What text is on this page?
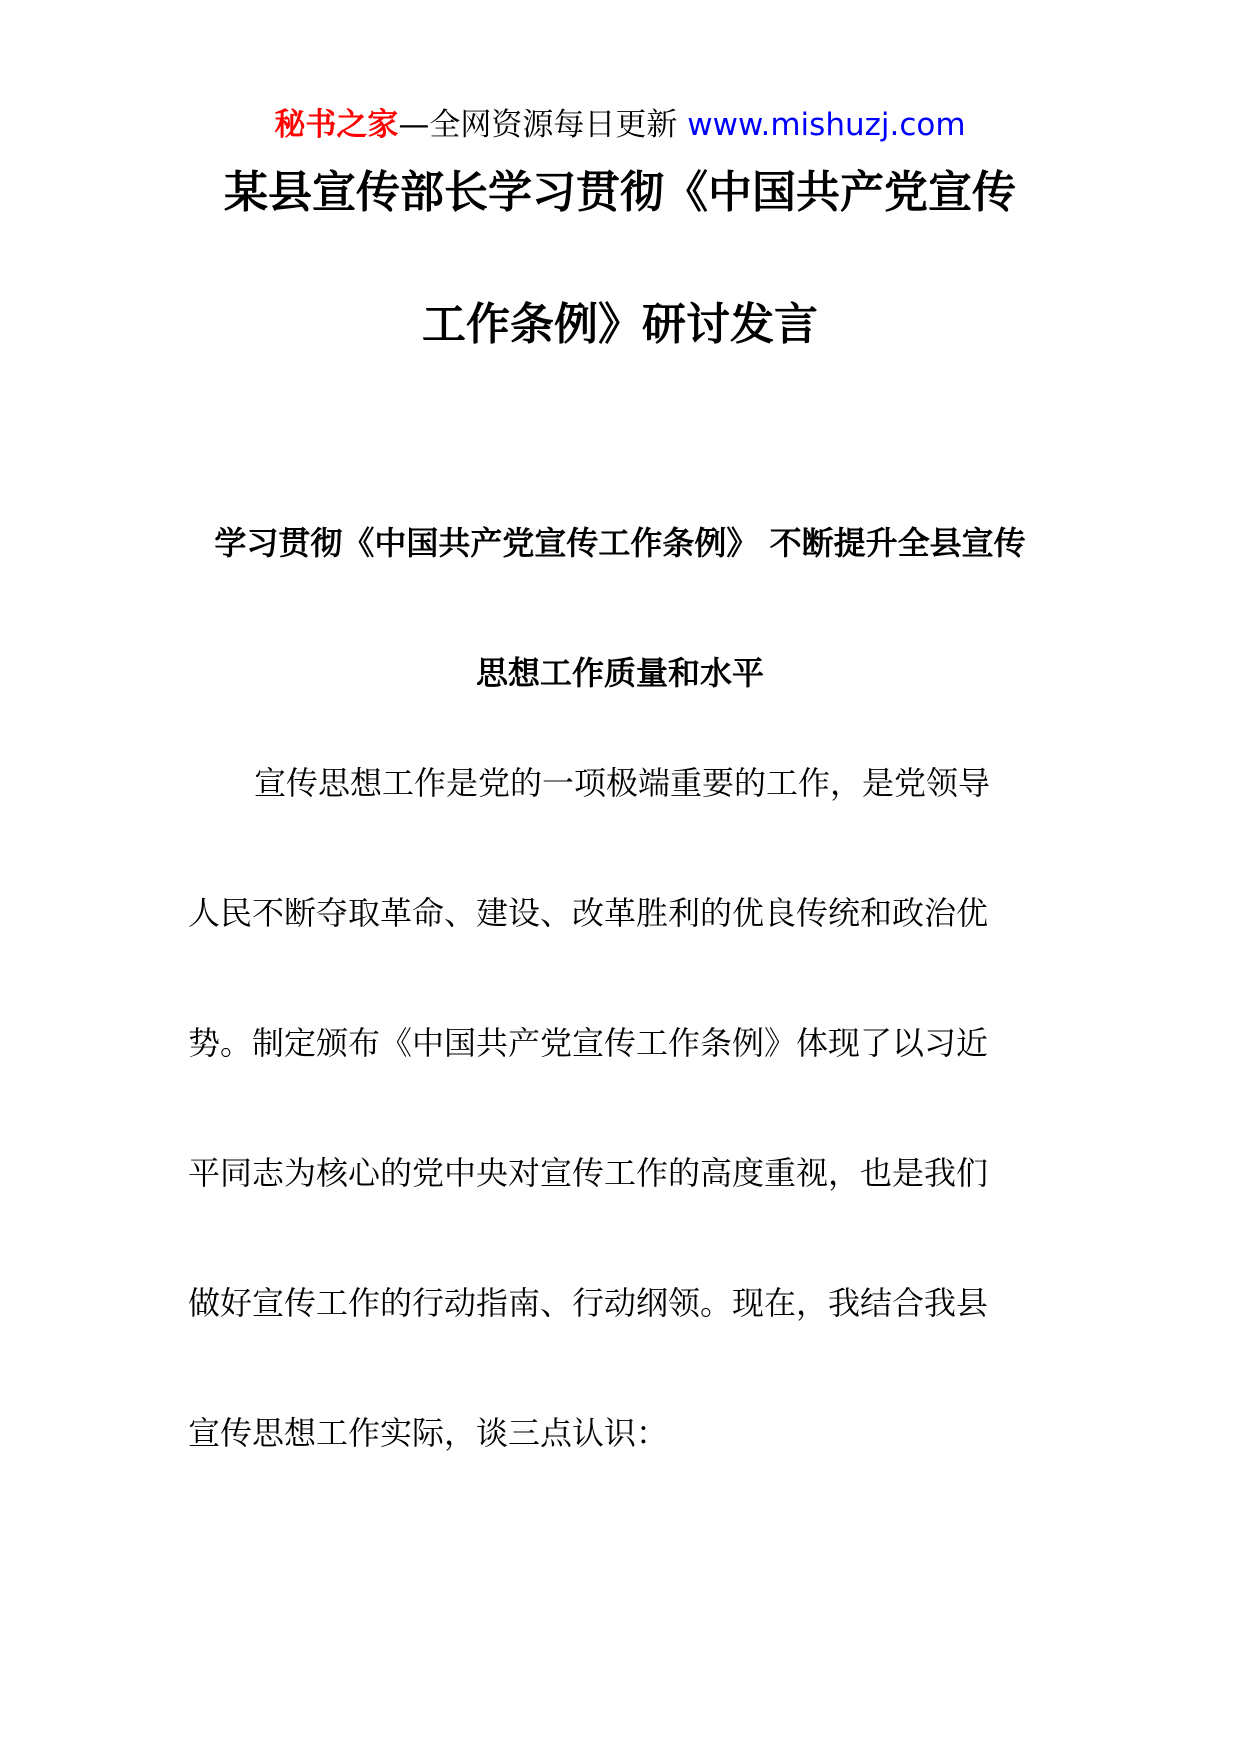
秘书之家—全网资源每日更新 www.mishuzj.com
某县宣传部长学习贯彻《中国共产党宣传
工作条例》研讨发言
学习贯彻《中国共产党宣传工作条例》 不断提升全县宣传
思想工作质量和水平
宣传思想工作是党的一项极端重要的工作，是党领导
人民不断夺取革命、建设、改革胜利的优良传统和政治优
势。制定颁布《中国共产党宣传工作条例》体现了以习近
平同志为核心的党中央对宣传工作的高度重视，也是我们
做好宣传工作的行动指南、行动纲领。现在，我结合我县
宣传思想工作实际，谈三点认识：
